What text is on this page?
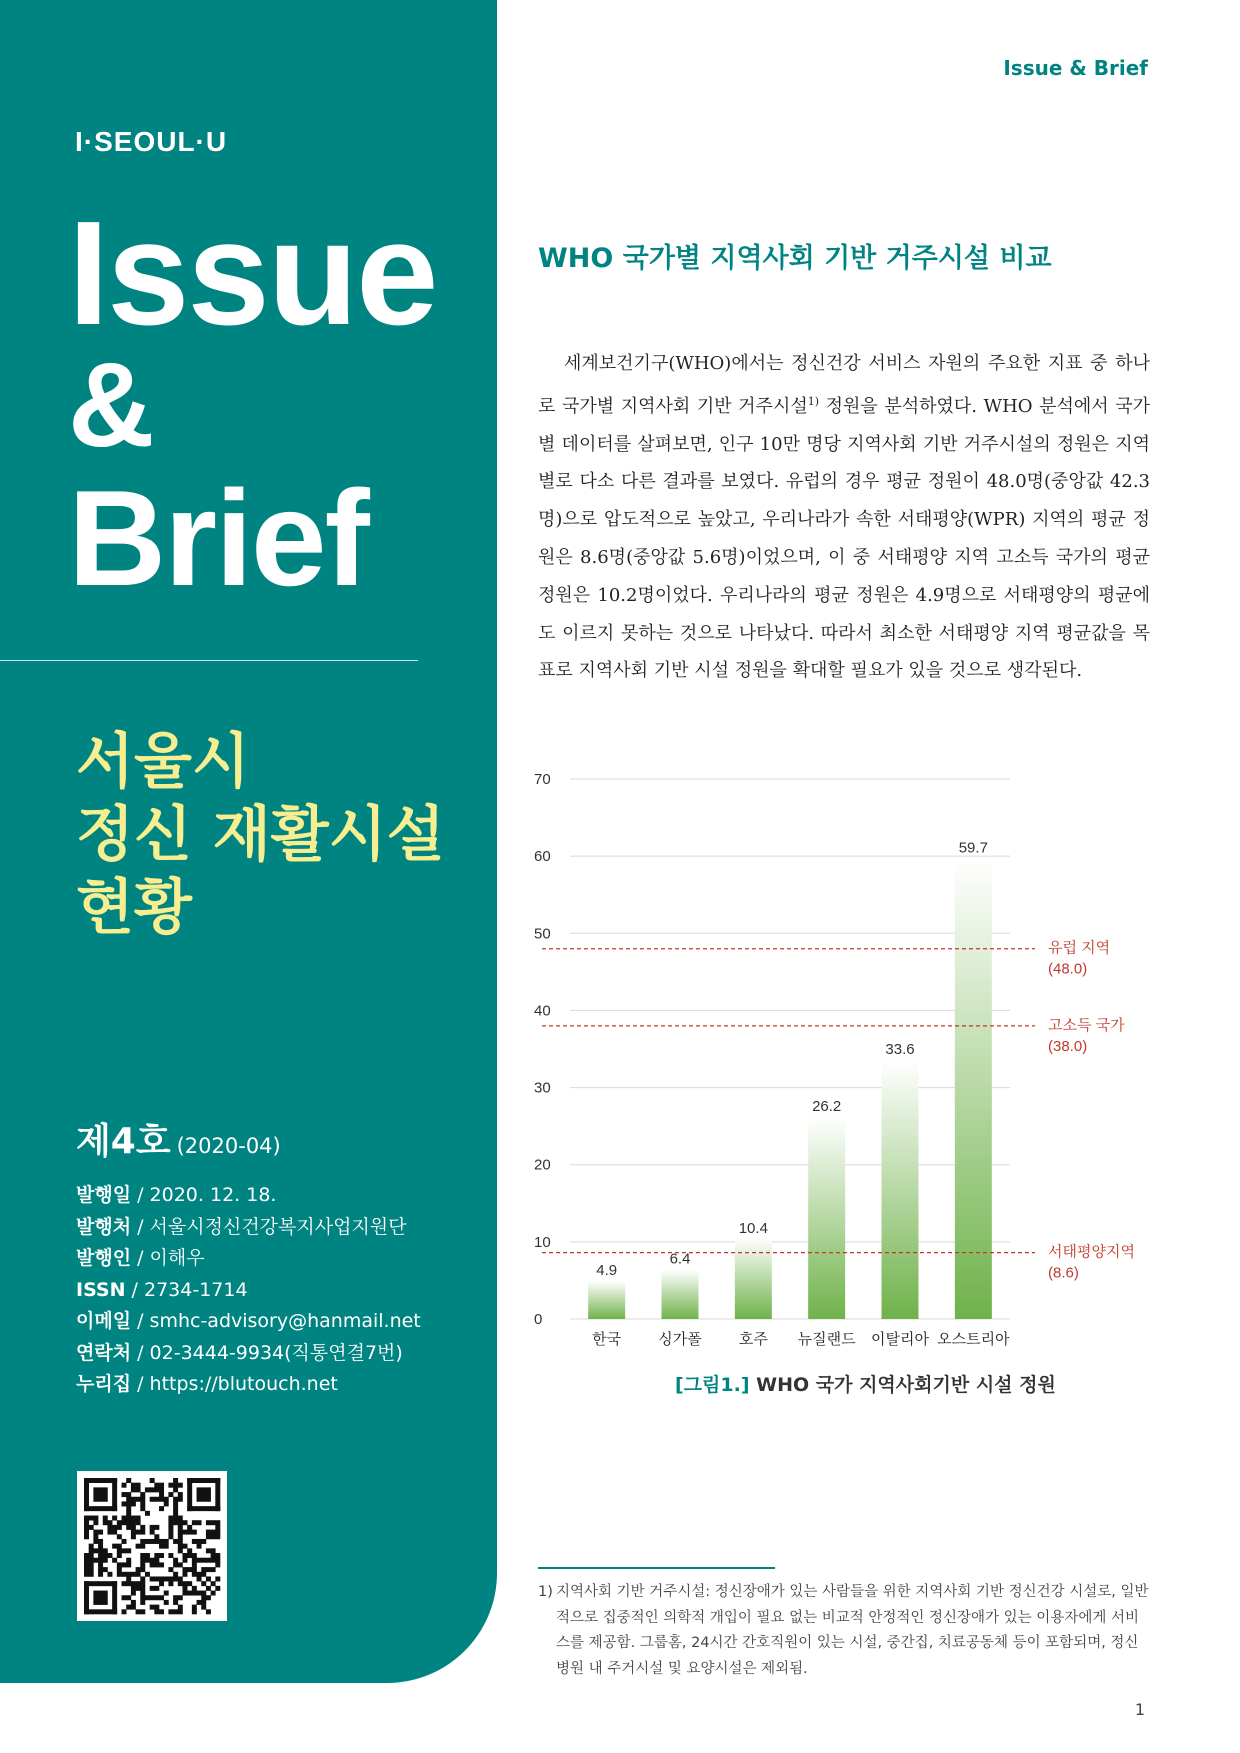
I·SEOUL·U
Issue
&
Brief
서울시
정신 재활시설
현황
제4호 (2020-04)
발행일 / 2020. 12. 18.
발행처 / 서울시정신건강복지사업지원단
발행인 / 이해우
ISSN / 2734-1714
이메일 / smhc-advisory@hanmail.net
연락처 / 02-3444-9934(직통연결7번)
누리집 / https://blutouch.net
Issue & Brief
WHO 국가별 지역사회 기반 거주시설 비교

세계보건기구(WHO)에서는 정신건강 서비스 자원의 주요한 지표 중 하나로 국가별 지역사회 기반 거주시설$^{1)}$ 정원을 분석하였다. WHO 분석에서 국가별 데이터를 살펴보면, 인구 10만 명당 지역사회 기반 거주시설의 정원은 지역별로 다소 다른 결과를 보였다. 유럽의 경우 평균 정원이 48.0명(중앙값 42.3명)으로 압도적으로 높았고, 우리나라가 속한 서태평양(WPR) 지역의 평균 정원은 8.6명(중앙값 5.6명)이었으며, 이 중 서태평양 지역 고소득 국가의 평균 정원은 10.2명이었다. 우리나라의 평균 정원은 4.9명으로 서태평양의 평균에도 이르지 못하는 것으로 나타났다. 따라서 최소한 서태평양 지역 평균값을 목표로 지역사회 기반 시설 정원을 확대할 필요가 있을 것으로 생각된다.

0
10
20
30
40
50
60
70
4.9
한국
6.4
싱가폴
10.4
호주
26.2
뉴질랜드
33.6
이탈리아
59.7
오스트리아
유럽 지역
(48.0)
고소득 국가
(38.0)
서태평양지역
(8.6)
[그림1.] WHO 국가 지역사회기반 시설 정원
1) 지역사회 기반 거주시설: 정신장애가 있는 사람들을 위한 지역사회 기반 정신건강 시설로, 일반적으로 집중적인 의학적 개입이 필요 없는 비교적 안정적인 정신장애가 있는 이용자에게 서비스를 제공함. 그룹홈, 24시간 간호직원이 있는 시설, 중간집, 치료공동체 등이 포함되며, 정신병원 내 주거시설 및 요양시설은 제외됨.
1
